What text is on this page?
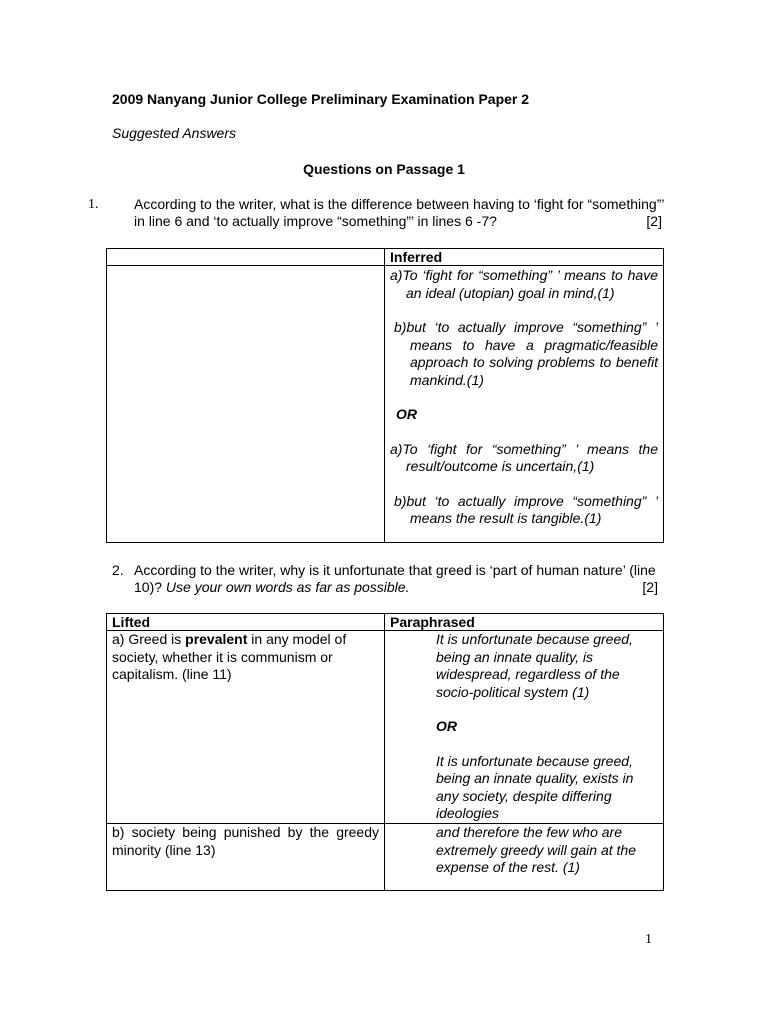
2009 Nanyang Junior College Preliminary Examination Paper 2
Suggested Answers
Questions on Passage 1
1.	According to the writer, what is the difference between having to ‘fight for “something”’ in line 6 and ‘to actually improve “something”’ in lines 6 -7?	[2]
	Inferred

	a)To ‘fight for “something” ’ means to have an ideal (utopian) goal in mind,(1)
b)but ‘to actually improve “something” ’ means to have a pragmatic/feasible approach to solving problems to benefit mankind.(1)
OR
a)To ‘fight for “something” ’ means the result/outcome is uncertain,(1)
b)but ‘to actually improve “something” ’ means the result is tangible.(1)
2. According to the writer, why is it unfortunate that greed is ‘part of human nature’ (line 10)? Use your own words as far as possible.	[2]
Lifted	Paraphrased
a) Greed is prevalent in any model of society, whether it is communism or capitalism. (line 11)	It is unfortunate because greed, being an innate quality, is widespread, regardless of the socio-political system (1)
OR
It is unfortunate because greed, being an innate quality, exists in any society, despite differing ideologies

b) society being punished by the greedy minority (line 13)	and therefore the few who are extremely greedy will gain at the expense of the rest. (1)
1
